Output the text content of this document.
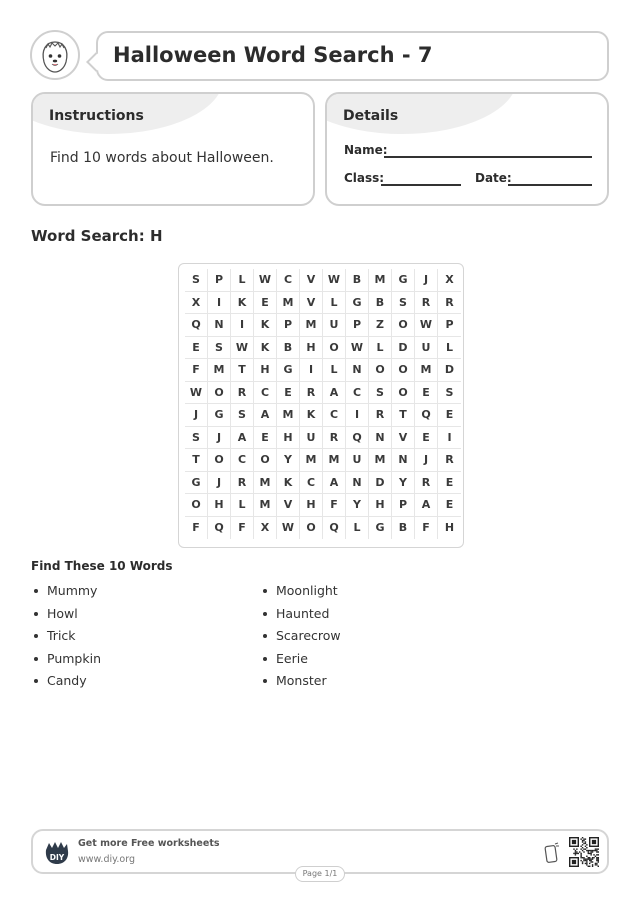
Halloween Word Search - 7
Instructions
Find 10 words about Halloween.
Details
Name:
Class:	Date:
Word Search: H
S	P	L	W	C	V	W	B	M	G	J	X
X	I	K	E	M	V	L	G	B	S	R	R
Q	N	I	K	P	M	U	P	Z	O	W	P
E	S	W	K	B	H	O	W	L	D	U	L
F	M	T	H	G	I	L	N	O	O	M	D
W	O	R	C	E	R	A	C	S	O	E	S
J	G	S	A	M	K	C	I	R	T	Q	E
S	J	A	E	H	U	R	Q	N	V	E	I
T	O	C	O	Y	M	M	U	M	N	J	R
G	J	R	M	K	C	A	N	D	Y	R	E
O	H	L	M	V	H	F	Y	H	P	A	E
F	Q	F	X	W	O	Q	L	G	B	F	H
Find These 10 Words
Mummy
Howl
Trick
Pumpkin
Candy
Moonlight
Haunted
Scarecrow
Eerie
Monster
DIY
Get more Free worksheets
www.diy.org
Page 1/1
